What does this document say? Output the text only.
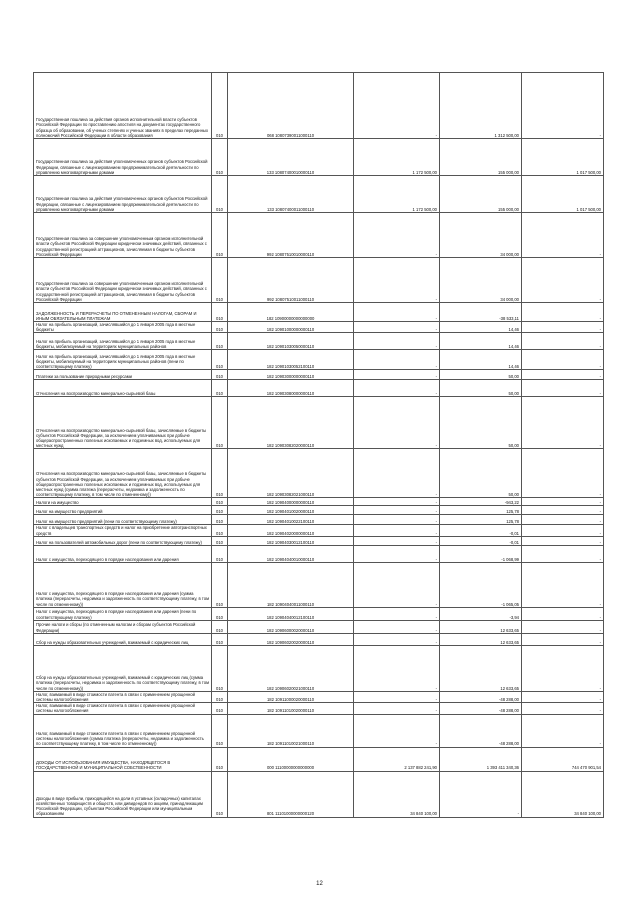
Государственная пошлина за действия органов исполнительной власти субъектов Российской Федерации по проставлению апостиля на документах государственного образца об образовании, об ученых степенях и ученых званиях в пределах переданных полномочий Российской Федерации в области образования	010	068 10807390011000110	-	1 312 500,00	-
Государственная пошлина за действия уполномоченных органов субъектов Российской Федерации, связанные с лицензированием предпринимательской деятельности по управлению многоквартирными домами	010	133 10807400010000110	1 172 500,00	155 000,00	1 017 500,00
Государственная пошлина за действия уполномоченных органов субъектов Российской Федерации, связанные с лицензированием предпринимательской деятельности по управлению многоквартирными домами	010	133 10807400011000110	1 172 500,00	155 000,00	1 017 500,00
Государственная пошлина за совершение уполномоченным органом исполнительной власти субъектов Российской Федерации юридически значимых действий, связанных с государственной регистрацией аттракционов, зачисляемая в бюджеты субъектов Российской Федерации	010	992 10807510010000110	-	34 000,00	-
Государственная пошлина за совершение уполномоченным органом исполнительной власти субъектов Российской Федерации юридически значимых действий, связанных с государственной регистрацией аттракционов, зачисляемая в бюджеты субъектов Российской Федерации	010	992 10807510011000110	-	34 000,00	-
ЗАДОЛЖЕННОСТЬ И ПЕРЕРАСЧЕТЫ ПО ОТМЕНЕННЫМ НАЛОГАМ, СБОРАМ И ИНЫМ ОБЯЗАТЕЛЬНЫМ ПЛАТЕЖАМ	010	182 10900000000000000	-	-38 533,11	-
Налог на прибыль организаций, зачислявшийся до 1 января 2005 года в местные бюджеты	010	182 10901000000000110	-	14,46	-
Налог на прибыль организаций, зачислявшийся до 1 января 2005 года в местные бюджеты, мобилизуемый на территориях муниципальных районов	010	182 10901030050000110	-	14,46	-
Налог на прибыль организаций, зачислявшийся до 1 января 2005 года в местные бюджеты, мобилизуемый на территориях муниципальных районов (пени по соответствующему платежу)	010	182 10901030052100110	-	14,46	-
Платежи за пользование природными ресурсами	010	182 10903000000000110	-	50,00	-
Отчисления на воспроизводство минерально-сырьевой базы	010	182 10903080000000110	-	50,00	-
Отчисления на воспроизводство минерально-сырьевой базы, зачисляемые в бюджеты субъектов Российской Федерации, за исключением уплачиваемых при добыче общераспространенных полезных ископаемых и подземных вод, используемых для местных нужд	010	182 10903082020000110	-	50,00	-
Отчисления на воспроизводство минерально-сырьевой базы, зачисляемые в бюджеты субъектов Российской Федерации, за исключением уплачиваемых при добыче общераспространенных полезных ископаемых и подземных вод, используемых для местных нужд (сумма платежа (перерасчеты, недоимка и задолженность по соответствующему платежу, в том числе по отмененному))	010	182 10903082021000110	-	50,00	-
Налоги на имущество	010	182 10904000000000110	-	-943,22	-
Налог на имущество предприятий	010	182 10904010020000110	-	125,78	-
Налог на имущество предприятий (пени по соответствующему платежу)	010	182 10904010022100110	-	125,78	-
Налог с владельцев транспортных средств и налог на приобретение автотранспортных средств	010	182 10904020000000110	-	-0,01	-
Налог на пользователей автомобильных дорог (пени по соответствующему платежу)	010	182 10904030012100110	-	-0,01	-
Налог с имущества, переходящего в порядке наследования или дарения	010	182 10904040010000110	-	-1 068,99	-
Налог с имущества, переходящего в порядке наследования или дарения (сумма платежа (перерасчеты, недоимка и задолженность по соответствующему платежу, в том числе по отмененному))	010	182 10904040011000110	-	-1 065,05	-
Налог с имущества, переходящего в порядке наследования или дарения (пени по соответствующему платежу)	010	182 10904040012100110	-	-3,94	-
Прочие налоги и сборы (по отмененным налогам и сборам субъектов Российской Федерации)	010	182 10906000020000110	-	12 633,65	-
Сбор на нужды образовательных учреждений, взимаемый с юридических лиц	010	182 10906020020000110	-	12 633,65	-
Сбор на нужды образовательных учреждений, взимаемый с юридических лиц (сумма платежа (перерасчеты, недоимка и задолженность по соответствующему платежу, в том числе по отмененному))	010	182 10906020021000110	-	12 633,65	-
Налог, взимаемый в виде стоимости патента в связи с применением упрощенной системы налогообложения	010	182 10911000020000110	-	-48 288,00	-
Налог, взимаемый в виде стоимости патента в связи с применением упрощенной системы налогообложения	010	182 10911010020000110	-	-48 288,00	-
Налог, взимаемый в виде стоимости патента в связи с применением упрощенной системы налогообложения (сумма платежа (перерасчеты, недоимка и задолженность по соответствующему платежу, в том числе по отмененному))	010	182 10911010021000110	-	-48 288,00	-
ДОХОДЫ ОТ ИСПОЛЬЗОВАНИЯ ИМУЩЕСТВА, НАХОДЯЩЕГОСЯ В ГОСУДАРСТВЕННОЙ И МУНИЦИПАЛЬНОЙ СОБСТВЕННОСТИ	010	000 11100000000000000	2 137 882 241,90	1 393 411 340,36	744 470 901,54
Доходы в виде прибыли, приходящейся на доли в уставных (складочных) капиталах хозяйственных товариществ и обществ, или дивидендов по акциям, принадлежащим Российской Федерации, субъектам Российской Федерации или муниципальным образованиям	010	801 11101000000000120	34 840 100,00	-	34 840 100,00
12
